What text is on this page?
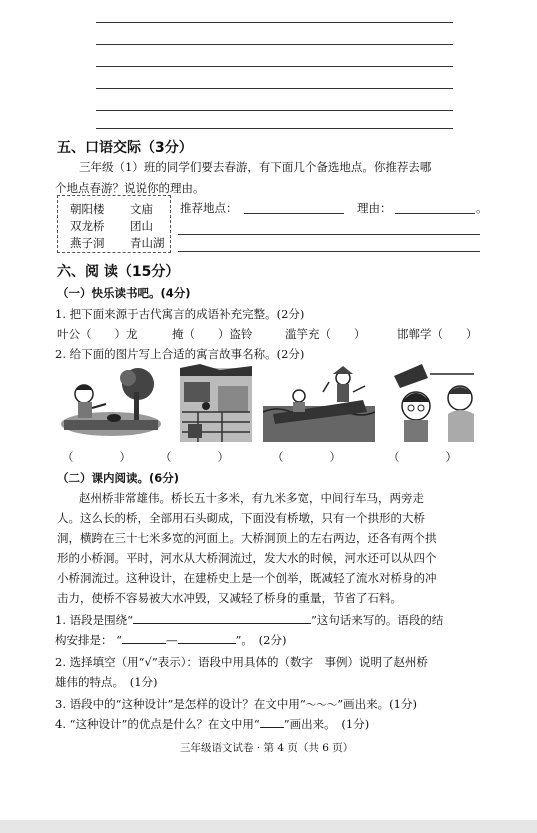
五、口语交际（3分）
三年级（1）班的同学们要去春游，有下面几个备选地点。你推荐去哪
个地点春游？说说你的理由。
朝阳楼 文庙
双龙桥 团山
燕子洞 青山湖
推荐地点：	理由：	。
六、阅 读（15分）
（一）快乐读书吧。(4分)
1. 把下面来源于古代寓言的成语补充完整。(2分)
叶公（　　）龙	掩（　　）盗铃	滥竽充（　　）	邯郸学（　　）
2. 给下面的图片写上合适的寓言故事名称。(2分)
（　　　　）	（　　　　）	（　　　　）	（　　　　）
（二）课内阅读。(6分)
赵州桥非常雄伟。桥长五十多米，有九米多宽，中间行车马，两旁走
人。这么长的桥，全部用石头砌成，下面没有桥墩，只有一个拱形的大桥
洞，横跨在三十七米多宽的河面上。大桥洞顶上的左右两边，还各有两个拱
形的小桥洞。平时，河水从大桥洞流过，发大水的时候，河水还可以从四个
小桥洞流过。这种设计，在建桥史上是一个创举，既减轻了流水对桥身的冲
击力，使桥不容易被大水冲毁，又减轻了桥身的重量，节省了石料。
1. 语段是围绕“	”这句话来写的。语段的结
构安排是： “	—	”。　(2分)
2. 选择填空（用“√”表示）：语段中用具体的（数字　事例）说明了赵州桥
雄伟的特点。　(1分)
3. 语段中的“这种设计”是怎样的设计？在文中用“～～～”画出来。(1分)
4. “这种设计”的优点是什么？在文中用“ ”画出来。　(1分)
三年级语文试卷 · 第 4 页（共 6 页）
